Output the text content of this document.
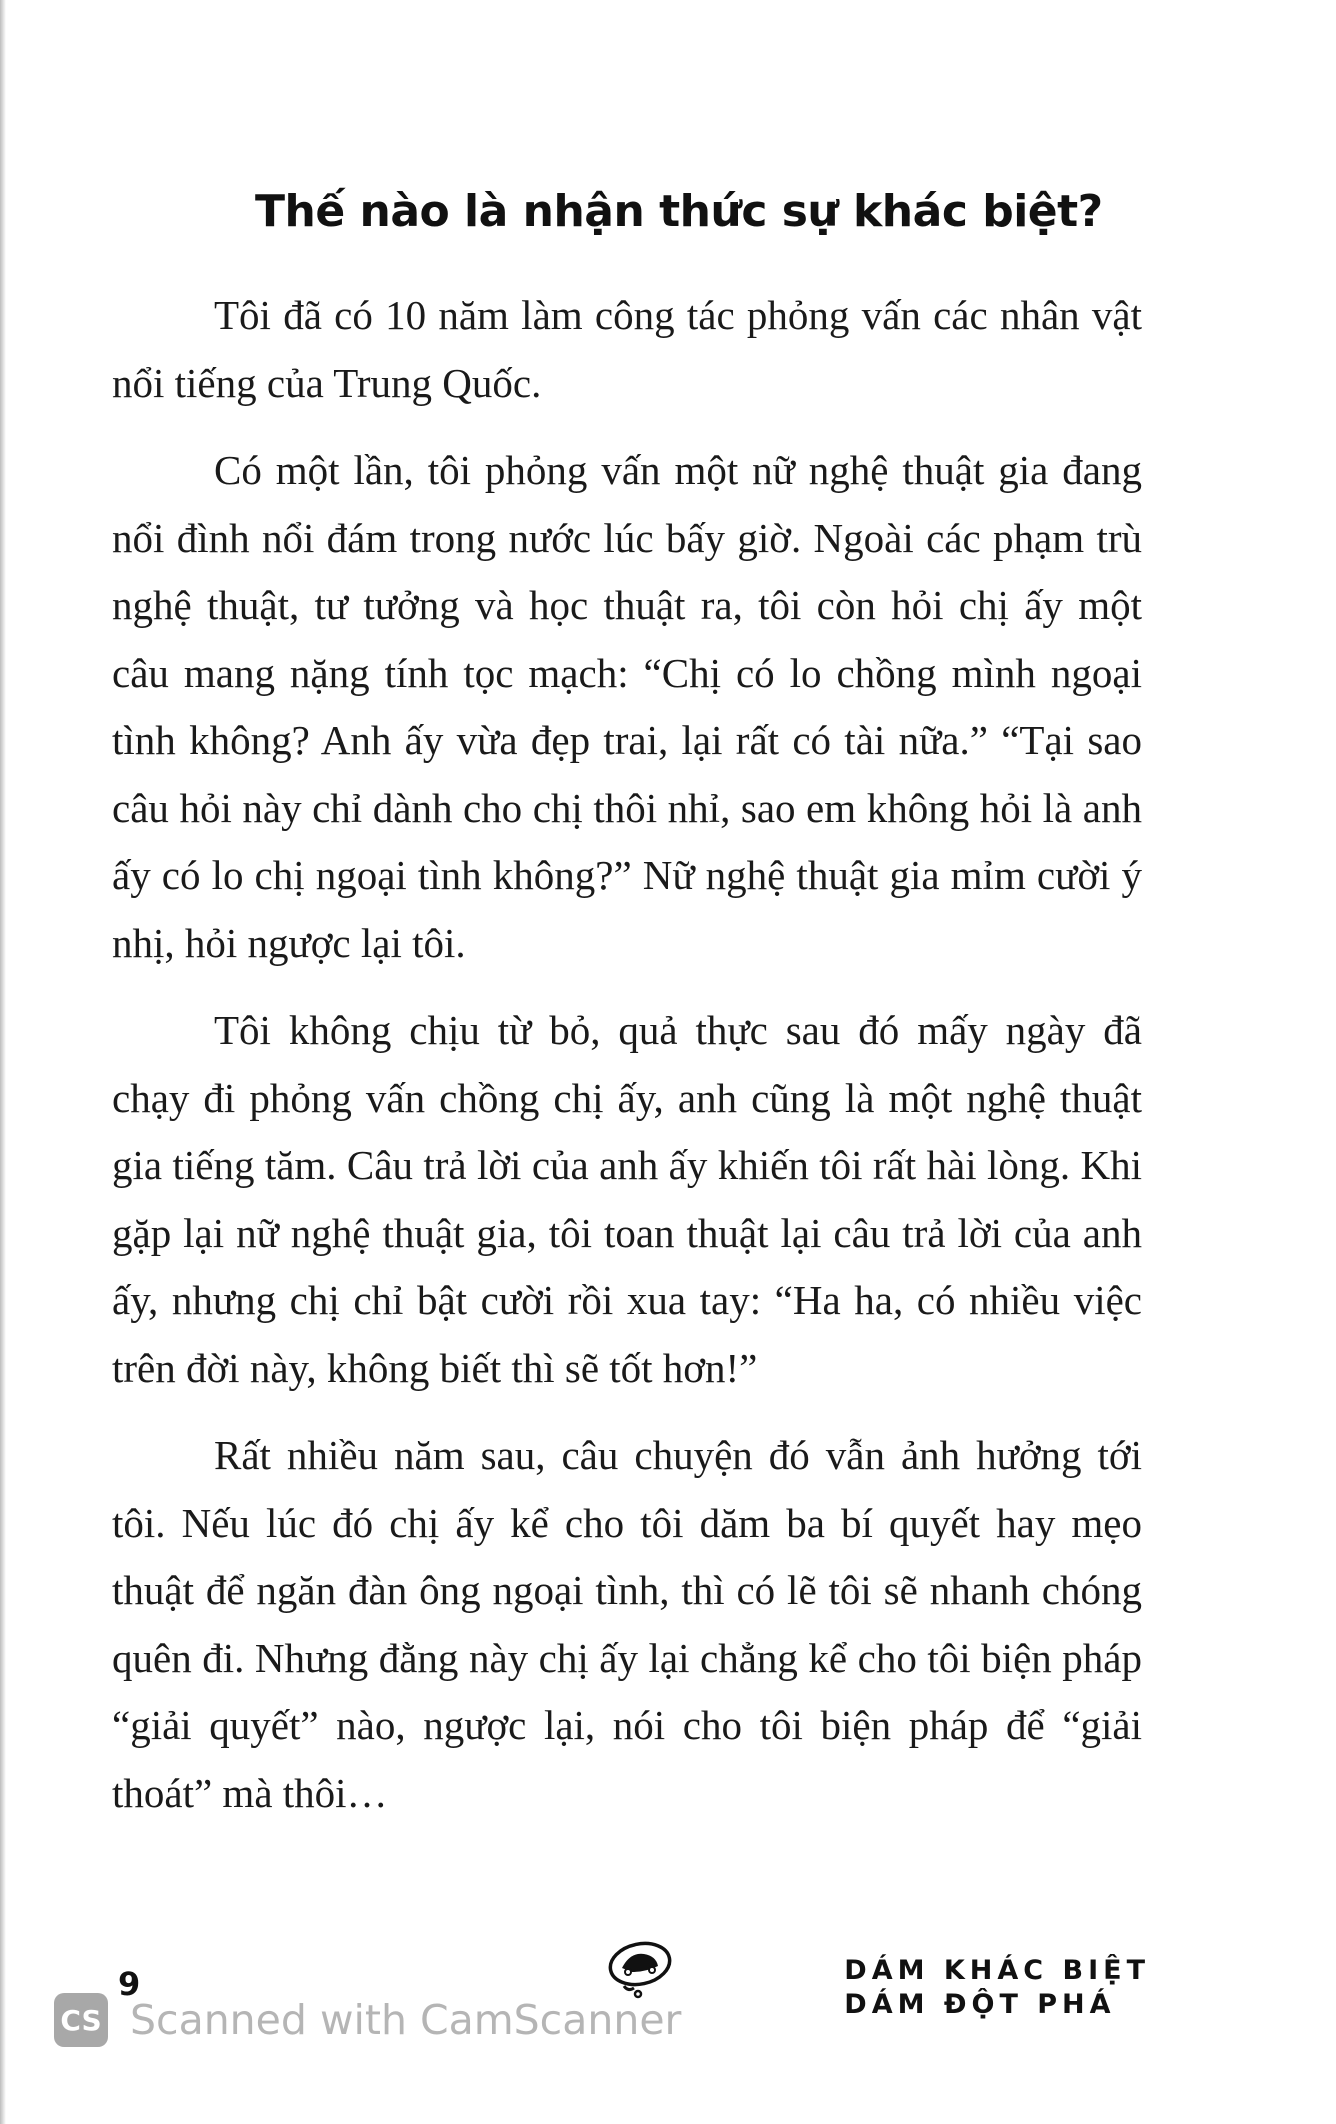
Thế nào là nhận thức sự khác biệt?

Tôi đã có 10 năm làm công tác phỏng vấn các nhân vật nổi tiếng của Trung Quốc.

Có một lần, tôi phỏng vấn một nữ nghệ thuật gia đang nổi đình nổi đám trong nước lúc bấy giờ. Ngoài các phạm trù nghệ thuật, tư tưởng và học thuật ra, tôi còn hỏi chị ấy một câu mang nặng tính tọc mạch: “Chị có lo chồng mình ngoại tình không? Anh ấy vừa đẹp trai, lại rất có tài nữa.” “Tại sao câu hỏi này chỉ dành cho chị thôi nhỉ, sao em không hỏi là anh ấy có lo chị ngoại tình không?” Nữ nghệ thuật gia mỉm cười ý nhị, hỏi ngược lại tôi.

Tôi không chịu từ bỏ, quả thực sau đó mấy ngày đã chạy đi phỏng vấn chồng chị ấy, anh cũng là một nghệ thuật gia tiếng tăm. Câu trả lời của anh ấy khiến tôi rất hài lòng. Khi gặp lại nữ nghệ thuật gia, tôi toan thuật lại câu trả lời của anh ấy, nhưng chị chỉ bật cười rồi xua tay: “Ha ha, có nhiều việc trên đời này, không biết thì sẽ tốt hơn!”

Rất nhiều năm sau, câu chuyện đó vẫn ảnh hưởng tới tôi. Nếu lúc đó chị ấy kể cho tôi dăm ba bí quyết hay mẹo thuật để ngăn đàn ông ngoại tình, thì có lẽ tôi sẽ nhanh chóng quên đi. Nhưng đằng này chị ấy lại chẳng kể cho tôi biện pháp “giải quyết” nào, ngược lại, nói cho tôi biện pháp để “giải thoát” mà thôi…

9	DÁM KHÁC BIỆT
DÁM ĐỘT PHÁ
CS Scanned with CamScanner
